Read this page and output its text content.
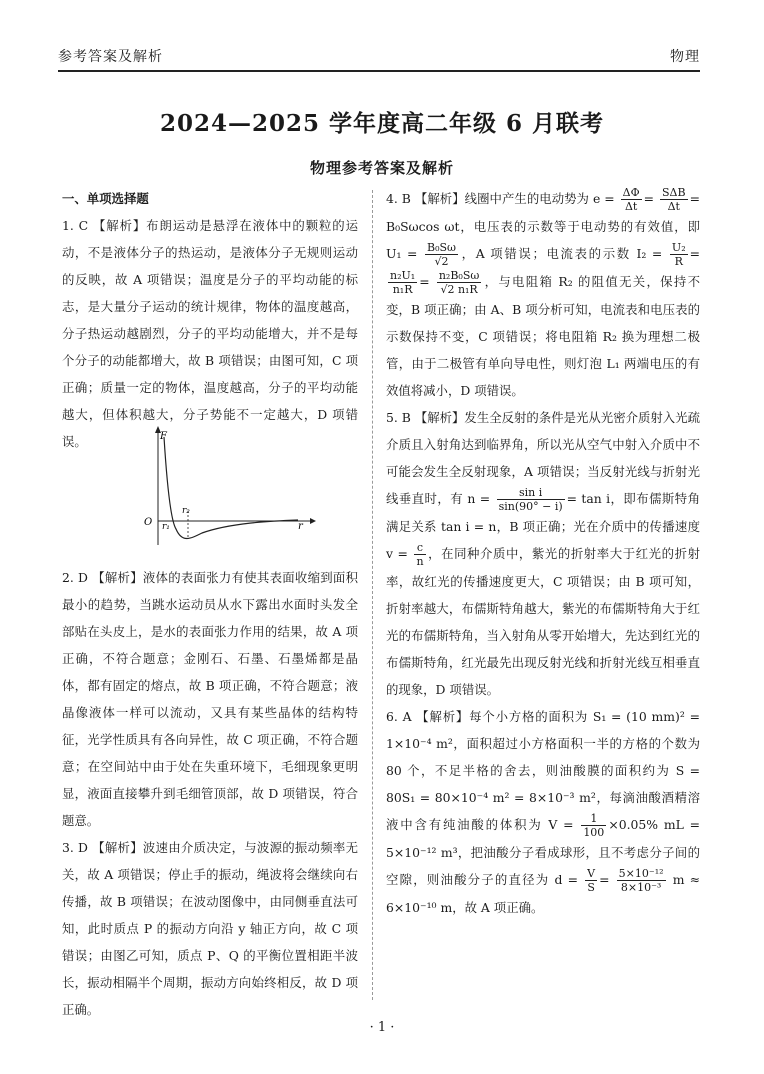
参考答案及解析	物理
2024—2025 学年度高二年级 6 月联考
物理参考答案及解析
一、单项选择题

1. C 【解析】布朗运动是悬浮在液体中的颗粒的运动，不是液体分子的热运动，是液体分子无规则运动的反映，故 A 项错误；温度是分子的平均动能的标志，是大量分子运动的统计规律，物体的温度越高，分子热运动越剧烈，分子的平均动能增大，并不是每个分子的动能都增大，故 B 项错误；由图可知，C 项正确；质量一定的物体，温度越高，分子的平均动能越大，但体积越大，分子势能不一定越大，D 项错误。	F
O	r
r₁
r₂

2. D 【解析】液体的表面张力有使其表面收缩到面积最小的趋势，当跳水运动员从水下露出水面时头发全部贴在头皮上，是水的表面张力作用的结果，故 A 项正确，不符合题意；金刚石、石墨、石墨烯都是晶体，都有固定的熔点，故 B 项正确，不符合题意；液晶像液体一样可以流动，又具有某些晶体的结构特征，光学性质具有各向异性，故 C 项正确，不符合题意；在空间站中由于处在失重环境下，毛细现象更明显，液面直接攀升到毛细管顶部，故 D 项错误，符合题意。

3. D 【解析】波速由介质决定，与波源的振动频率无关，故 A 项错误；停止手的振动，绳波将会继续向右传播，故 B 项错误；在波动图像中，由同侧垂直法可知，此时质点 P 的振动方向沿 y 轴正方向，故 C 项错误；由图乙可知，质点 P、Q 的平衡位置相距半波长，振动相隔半个周期，振动方向始终相反，故 D 项正确。

4. B 【解析】线圈中产生的电动势为 $e = \frac{\Delta\Phi}{\Delta t} = S\Delta B$
Δt
= B₀Sωcos ωt，电压表的示数等于电动势的有效值，即 $U_1 = \frac{\text{B₀Sω}}{√2}$ ，A 项错误；电流表的示数 $I_2 = \frac{\text{U₂}}{R}$ =
$\frac{\text{n₂U₁}}{\text{n₁R}} = \frac{\text{n₂B₀Sω}}{\text{√2 n₁R}}$ ，与电阻箱 R₂ 的阻值无关，保持不变，B 项正确；由 A、B 项分析可知，电流表和电压表的示数保持不变，C 项错误；将电阻箱 R₂ 换为理想二极管，由于二极管有单向导电性，则灯泡 L₁ 两端电压的有效值将减小，D 项错误。

5. B 【解析】发生全反射的条件是光从光密介质射入光疏介质且入射角达到临界角，所以光从空气中射入介质中不可能会发生全反射现象，A 项错误；当反射光线与折射光线垂直时，有 $n = \frac{\text{sin i}}{\sin(90^\circ - i)} = \tan i$，即布儒斯特角满足关系 tan i = n，B 项正确；光在介质中的传播速度 $v = \frac{c}{n}$ ，在同种介质中，紫光的折射率大于红光的折射率，故红光的传播速度更大，C 项错误；由 B 项可知，折射率越大，布儒斯特角越大，紫光的布儒斯特角大于红光的布儒斯特角，当入射角从零开始增大，先达到红光的布儒斯特角，红光最先出现反射光线和折射光线互相垂直的现象，D 项错误。

6. A 【解析】每个小方格的面积为 S₁ = (10 mm)² = 1×10⁻⁴ m²，面积超过小方格面积一半的方格的个数为 80 个，不足半格的舍去，则油酸膜的面积约为 S = 80S₁ = 80×10⁻⁴ m² = 8×10⁻³ m²，每滴油酸酒精溶液中含有纯油酸的体积为 $V = \frac{1}{100} \times 0.05\%$ mL = 5×10⁻¹² m³，把油酸分子看成球形，且不考虑分子间的空隙，则油酸分子的直径为 $d = \frac{V}{S} = \frac{\text{5×10⁻¹²}}{\text{8×10⁻³}}$ m ≈ 6×10⁻¹⁰ m，故 A 项正确。

· 1 ·
